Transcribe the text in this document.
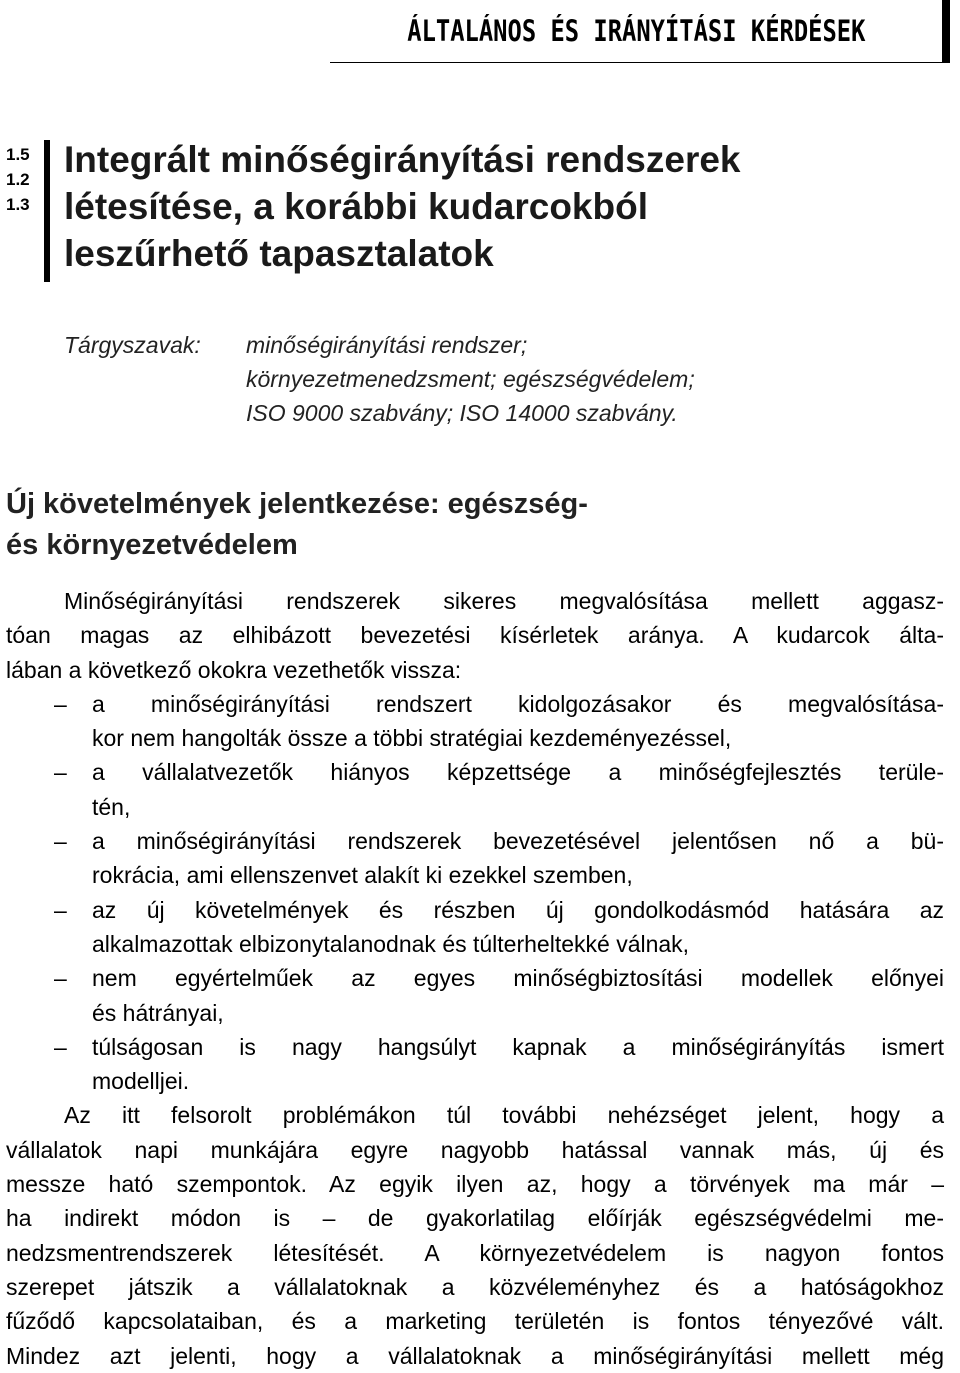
ÁLTALÁNOS ÉS IRÁNYÍTÁSI KÉRDÉSEK
1.5
1.2
1.3
Integrált minőségirányítási rendszerek
létesítése, a korábbi kudarcokból
leszűrhető tapasztalatok
Tárgyszavak:	minőségirányítási rendszer;
környezetmenedzsment; egészségvédelem;
ISO 9000 szabvány; ISO 14000 szabvány.
Új követelmények jelentkezése: egészség-
és környezetvédelem
Minőségirányítási rendszerek sikeres megvalósítása mellett aggasz-
tóan magas az elhibázott bevezetési kísérletek aránya. A kudarcok álta-
lában a következő okokra vezethetők vissza:
–	a minőségirányítási rendszert kidolgozásakor és megvalósítása-
kor nem hangolták össze a többi stratégiai kezdeményezéssel,
–	a vállalatvezetők hiányos képzettsége a minőségfejlesztés terüle-
tén,
–	a minőségirányítási rendszerek bevezetésével jelentősen nő a bü-
rokrácia, ami ellenszenvet alakít ki ezekkel szemben,
–	az új követelmények és részben új gondolkodásmód hatására az
alkalmazottak elbizonytalanodnak és túlterheltekké válnak,
–	nem egyértelműek az egyes minőségbiztosítási modellek előnyei
és hátrányai,
–	túlságosan is nagy hangsúlyt kapnak a minőségirányítás ismert
modelljei.
Az itt felsorolt problémákon túl további nehézséget jelent, hogy a
vállalatok napi munkájára egyre nagyobb hatással vannak más, új és
messze ható szempontok. Az egyik ilyen az, hogy a törvények ma már –
ha indirekt módon is – de gyakorlatilag előírják egészségvédelmi me-
nedzsmentrendszerek létesítését. A környezetvédelem is nagyon fontos
szerepet játszik a vállalatoknak a közvéleményhez és a hatóságokhoz
fűződő kapcsolataiban, és a marketing területén is fontos tényezővé vált.
Mindez azt jelenti, hogy a vállalatoknak a minőségirányítási mellett még
